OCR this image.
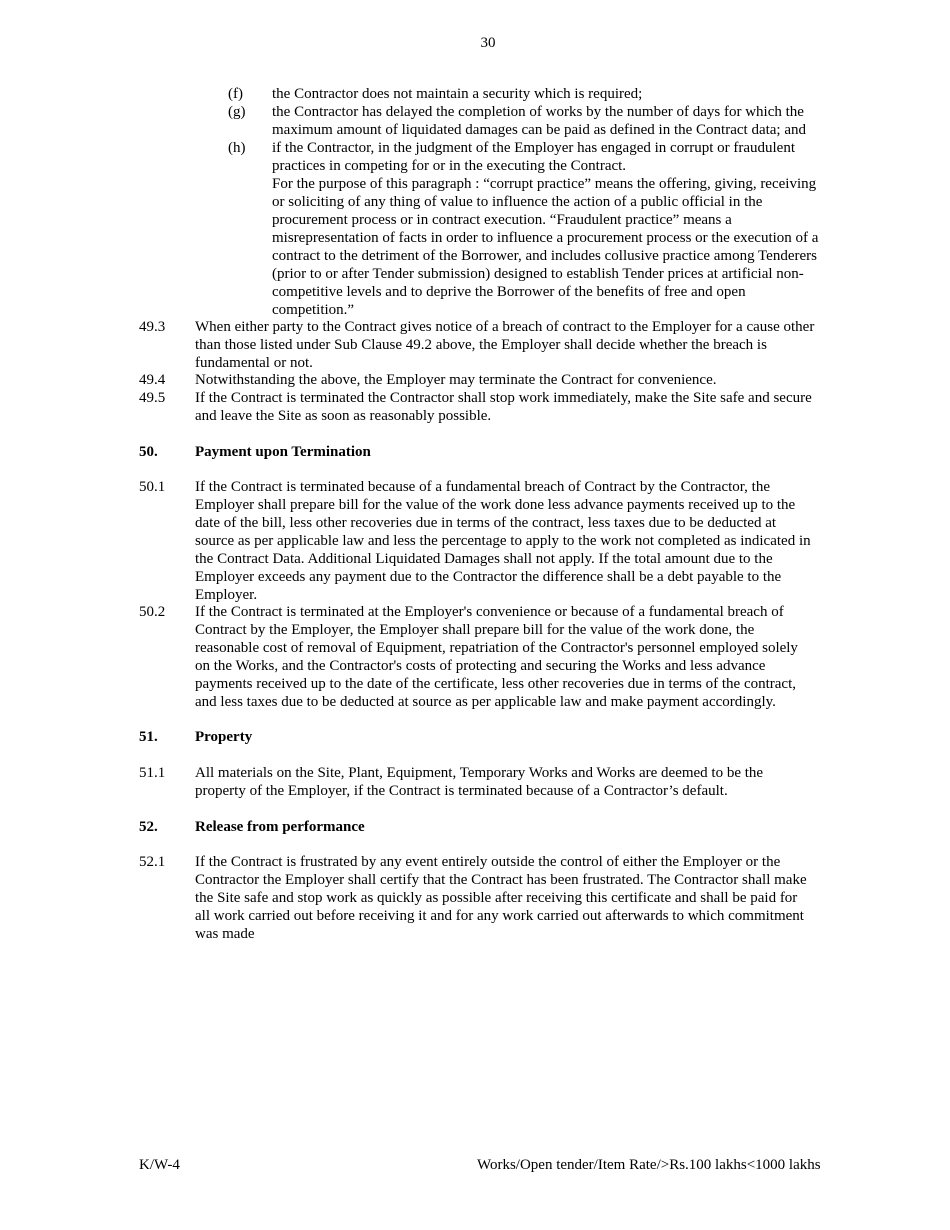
30
(f) the Contractor does not maintain a security which is required;
(g) the Contractor has delayed the completion of works by the number of days for which the
maximum amount of liquidated damages can be paid as defined in the Contract data; and
(h) if the Contractor, in the judgment of the Employer has engaged in corrupt or fraudulent
practices in competing for or in the executing the Contract.
For the purpose of this paragraph : “corrupt practice” means the offering, giving, receiving
or soliciting of any thing of value to influence the action of a public official in the
procurement process or in contract execution. “Fraudulent practice” means a
misrepresentation of facts in order to influence a procurement process or the execution of a
contract to the detriment of the Borrower, and includes collusive practice among Tenderers
(prior to or after Tender submission) designed to establish Tender prices at artificial non-
competitive levels and to deprive the Borrower of the benefits of free and open
competition.”
49.3 When either party to the Contract gives notice of a breach of contract to the Employer for a cause other
than those listed under Sub Clause 49.2 above, the Employer shall decide whether the breach is
fundamental or not.
49.4 Notwithstanding the above, the Employer may terminate the Contract for convenience.
49.5 If the Contract is terminated the Contractor shall stop work immediately, make the Site safe and secure
and leave the Site as soon as reasonably possible.
50. Payment upon Termination
50.1 If the Contract is terminated because of a fundamental breach of Contract by the Contractor, the
Employer shall prepare bill for the value of the work done less advance payments received up to the
date of the bill, less other recoveries due in terms of the contract, less taxes due to be deducted at
source as per applicable law and less the percentage to apply to the work not completed as indicated in
the Contract Data. Additional Liquidated Damages shall not apply. If the total amount due to the
Employer exceeds any payment due to the Contractor the difference shall be a debt payable to the
Employer.
50.2 If the Contract is terminated at the Employer's convenience or because of a fundamental breach of
Contract by the Employer, the Employer shall prepare bill for the value of the work done, the
reasonable cost of removal of Equipment, repatriation of the Contractor's personnel employed solely
on the Works, and the Contractor's costs of protecting and securing the Works and less advance
payments received up to the date of the certificate, less other recoveries due in terms of the contract,
and less taxes due to be deducted at source as per applicable law and make payment accordingly.
51. Property
51.1 All materials on the Site, Plant, Equipment, Temporary Works and Works are deemed to be the
property of the Employer, if the Contract is terminated because of a Contractor’s default.
52. Release from performance
52.1 If the Contract is frustrated by any event entirely outside the control of either the Employer or the
Contractor the Employer shall certify that the Contract has been frustrated. The Contractor shall make
the Site safe and stop work as quickly as possible after receiving this certificate and shall be paid for
all work carried out before receiving it and for any work carried out afterwards to which commitment
was made
K/W-4	Works/Open tender/Item Rate/>Rs.100 lakhs<1000 lakhs
